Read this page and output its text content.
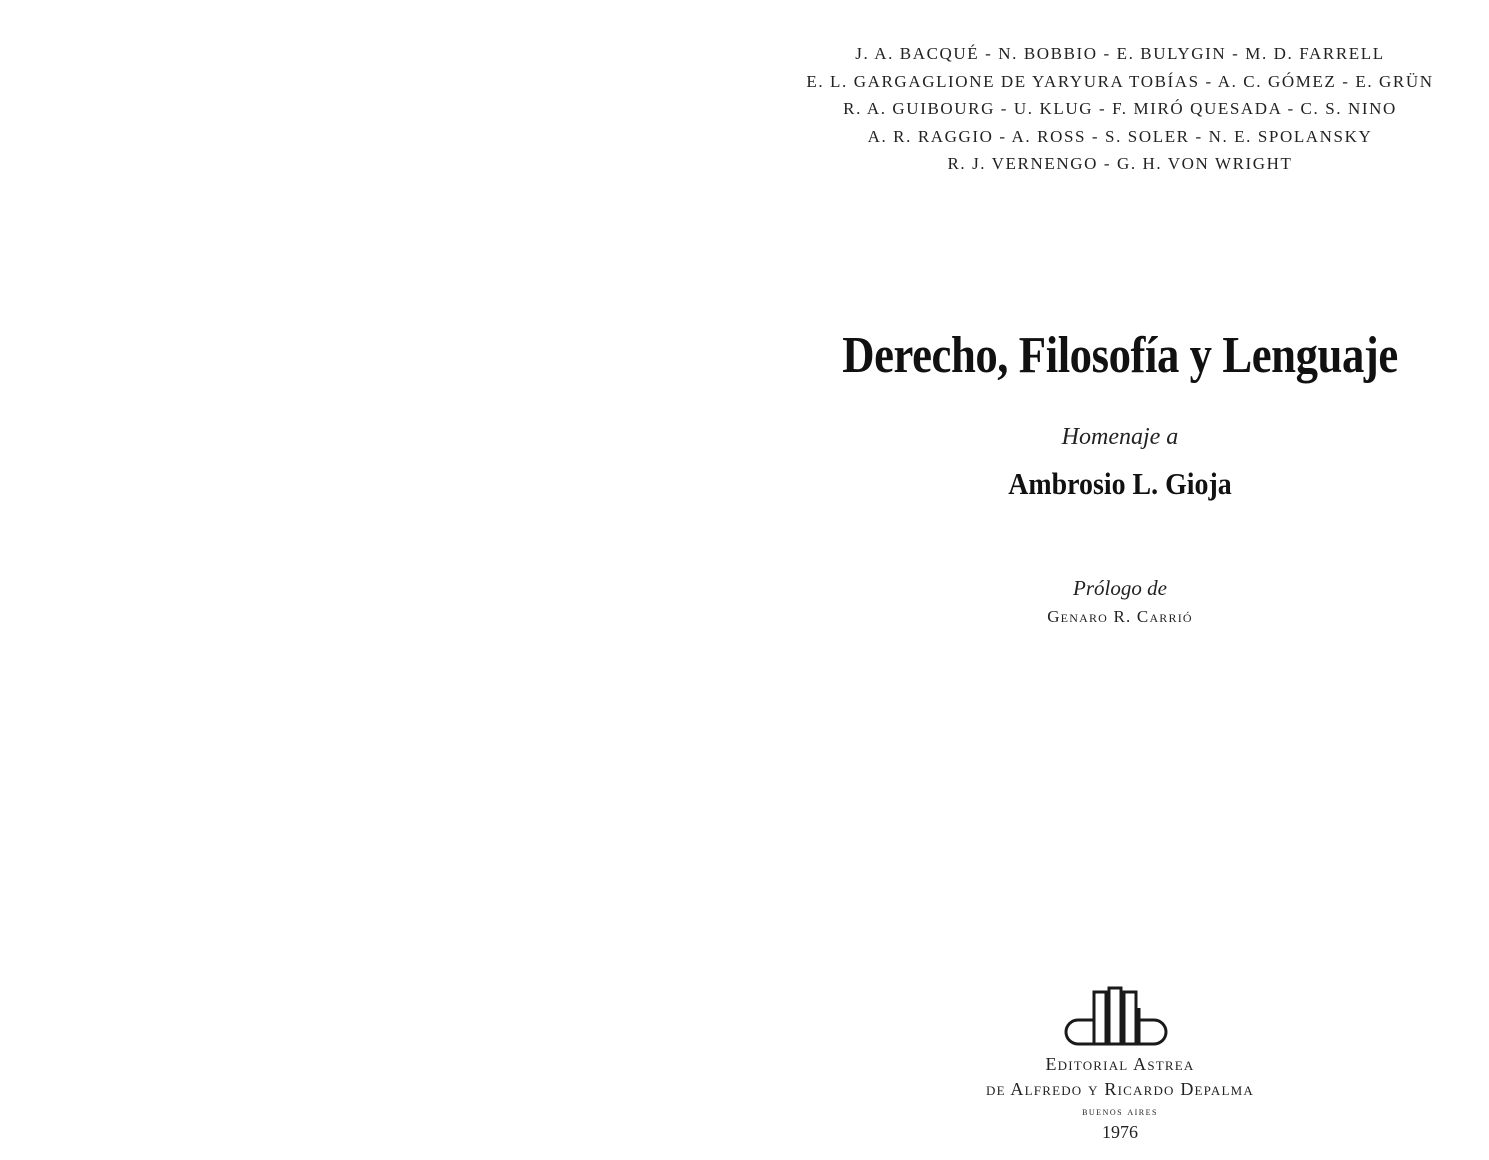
J. A. BACQUÉ - N. BOBBIO - E. BULYGIN - M. D. FARRELL
E. L. GARGAGLIONE DE YARYURA TOBÍAS - A. C. GÓMEZ - E. GRÜN
R. A. GUIBOURG - U. KLUG - F. MIRÓ QUESADA - C. S. NINO
A. R. RAGGIO - A. ROSS - S. SOLER - N. E. SPOLANSKY
R. J. VERNENGO - G. H. VON WRIGHT
Derecho, Filosofía y Lenguaje
Homenaje a
Ambrosio L. Gioja
Prólogo de
Genaro R. Carrió
Editorial Astrea
de Alfredo y Ricardo Depalma
buenos aires
1976
